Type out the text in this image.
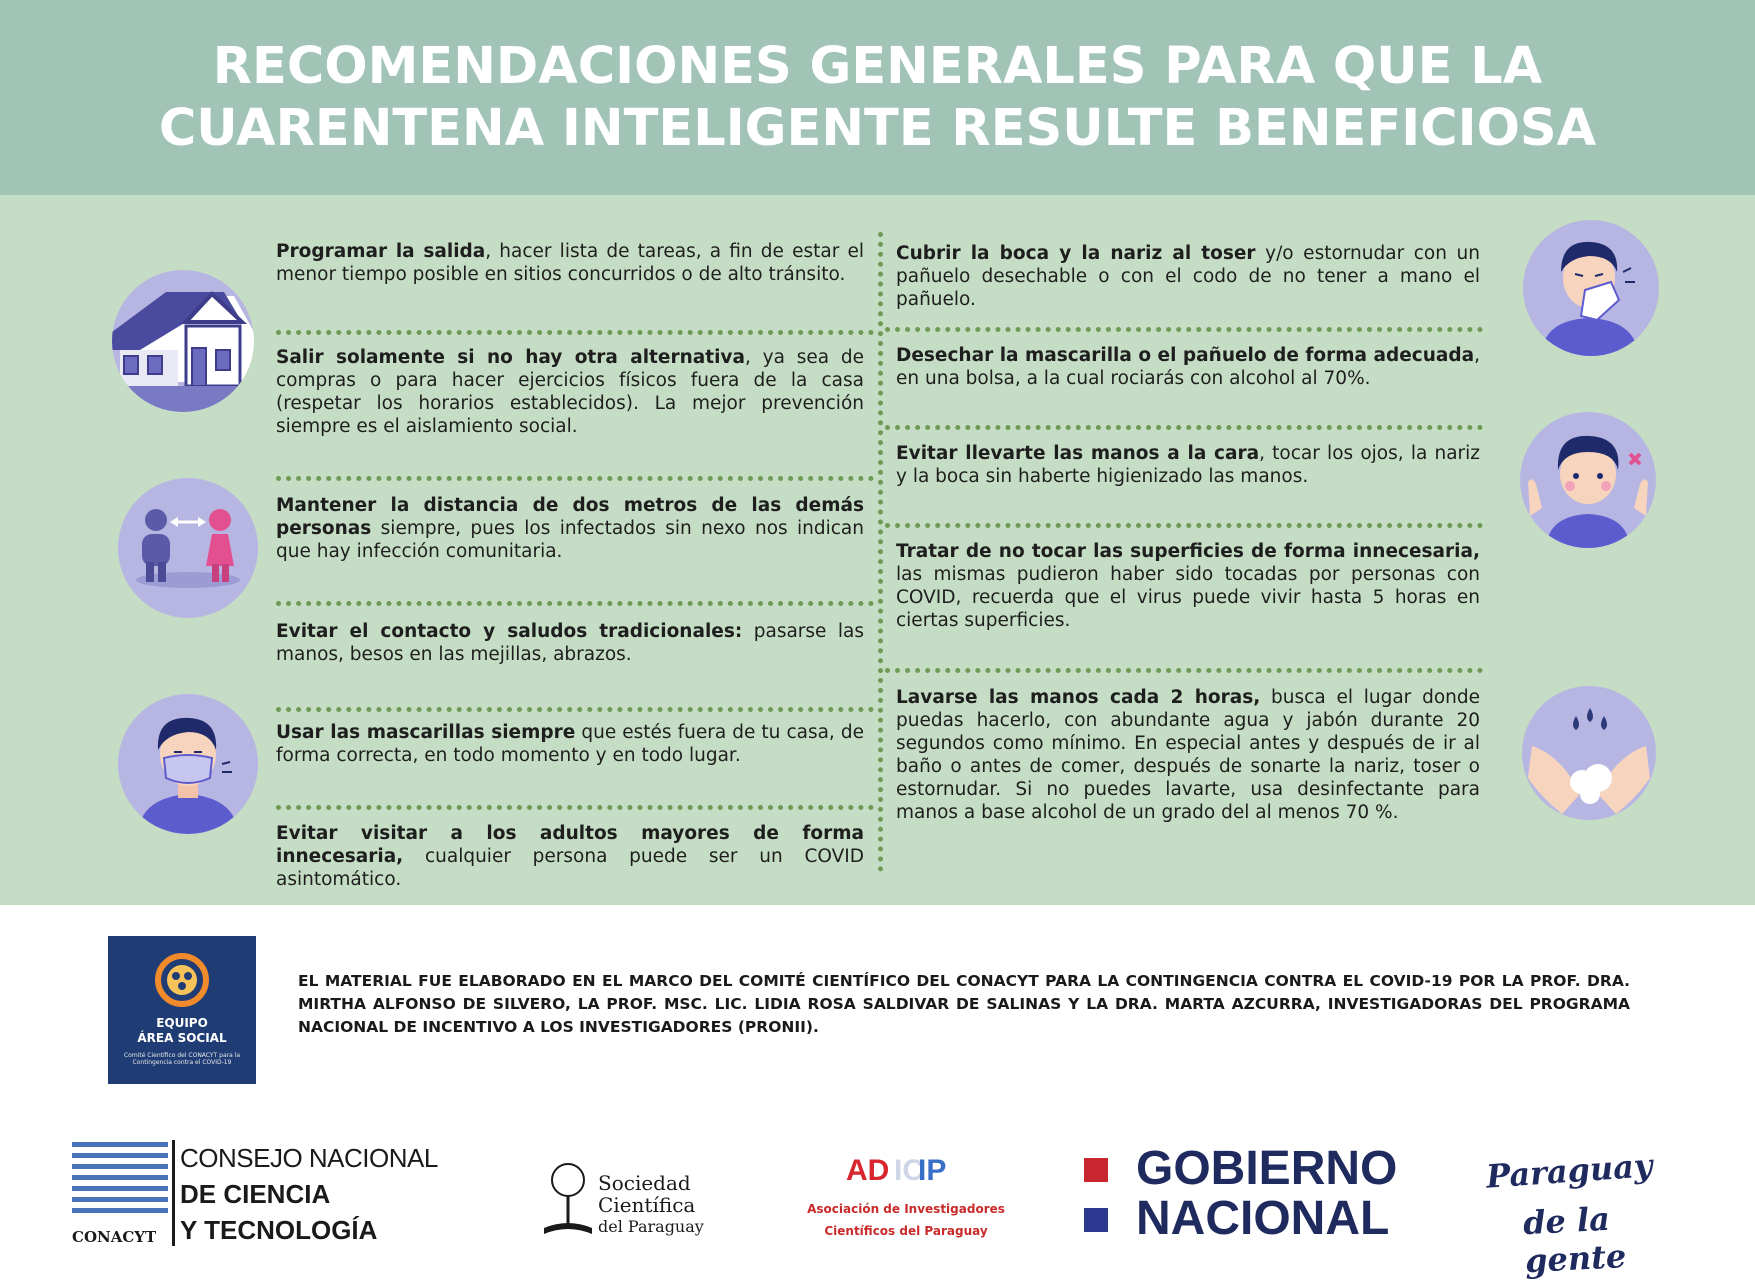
RECOMENDACIONES GENERALES PARA QUE LA
CUARENTENA INTELIGENTE RESULTE BENEFICIOSA
Programar la salida, hacer lista de tareas, a fin de estar el menor tiempo posible en sitios concurridos o de alto tránsito.
Salir solamente si no hay otra alternativa, ya sea de compras o para hacer ejercicios físicos fuera de la casa (respetar los horarios establecidos). La mejor prevención siempre es el aislamiento social.
Mantener la distancia de dos metros de las demás personas siempre, pues los infectados sin nexo nos indican que hay infección comunitaria.
Evitar el contacto y saludos tradicionales: pasarse las manos, besos en las mejillas, abrazos.
Usar las mascarillas siempre que estés fuera de tu casa, de forma correcta, en todo momento y en todo lugar.
Evitar visitar a los adultos mayores de forma innecesaria, cualquier persona puede ser un COVID asintomático.
Cubrir la boca y la nariz al toser y/o estornudar con un pañuelo desechable o con el codo de no tener a mano el pañuelo.
Desechar la mascarilla o el pañuelo de forma adecuada, en una bolsa, a la cual rociarás con alcohol al 70%.
Evitar llevarte las manos a la cara, tocar los ojos, la nariz y la boca sin haberte higienizado las manos.
Tratar de no tocar las superficies de forma innecesaria, las mismas pudieron haber sido tocadas por personas con COVID, recuerda que el virus puede vivir hasta 5 horas en ciertas superficies.
Lavarse las manos cada 2 horas, busca el lugar donde puedas hacerlo, con abundante agua y jabón durante 20 segundos como mínimo. En especial antes y después de ir al baño o antes de comer, después de sonarte la nariz, toser o estornudar. Si no puedes lavarte, usa desinfectante para manos a base alcohol de un grado del al menos 70 %.
EQUIPO
ÁREA SOCIAL
Comité Científico del CONACYT para la Contingencia contra el COVID-19
EL MATERIAL FUE ELABORADO EN EL MARCO DEL COMITÉ CIENTÍFICO DEL CONACYT PARA LA CONTINGENCIA CONTRA EL COVID-19 POR LA PROF. DRA. MIRTHA ALFONSO DE SILVERO, LA PROF. MSC. LIC. LIDIA ROSA SALDIVAR DE SALINAS Y LA DRA. MARTA AZCURRA, INVESTIGADORAS DEL PROGRAMA NACIONAL DE INCENTIVO A LOS INVESTIGADORES (PRONII).
CONACYT
CONSEJO NACIONAL
DE CIENCIA
Y TECNOLOGÍA
Sociedad
Científica
del Paraguay
AD IC
IP
Asociación de Investigadores
Científicos del Paraguay
GOBIERNO
NACIONAL
Paraguay
de la gente
